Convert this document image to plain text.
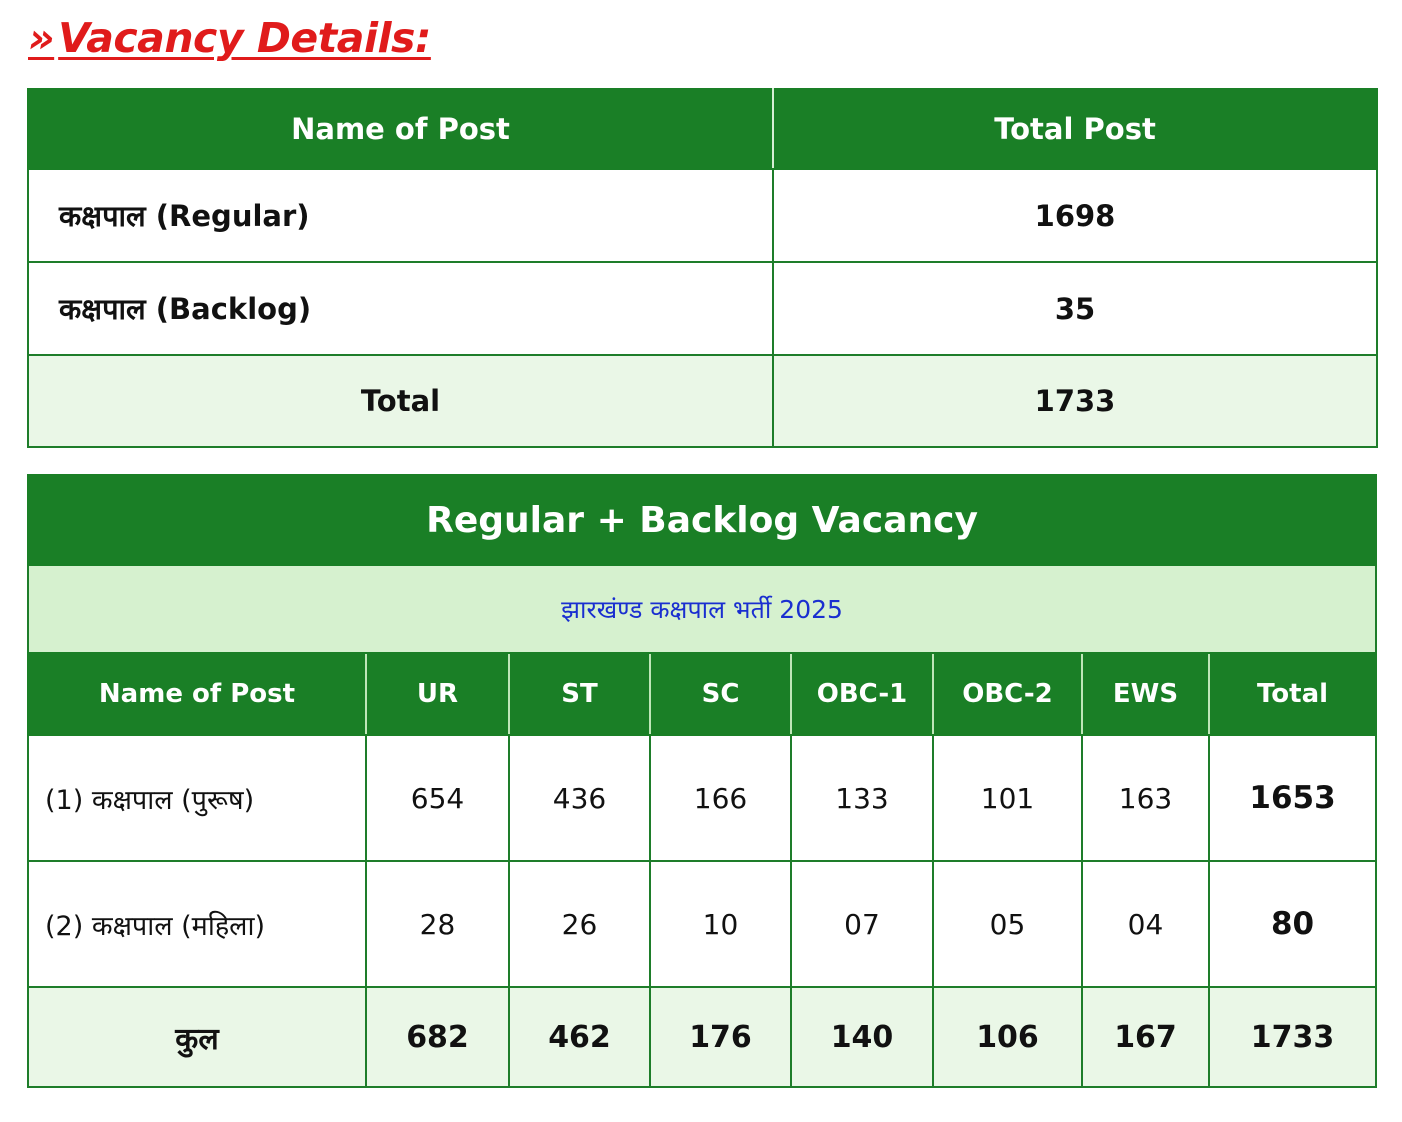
»Vacancy Details:
Name of Post	Total Post
कक्षपाल (Regular)	1698
कक्षपाल (Backlog)	35
Total	1733
Regular + Backlog Vacancy							
झारखंण्ड कक्षपाल भर्ती 2025							
Name of Post	UR	ST	SC	OBC-1	OBC-2	EWS	Total
(1) कक्षपाल (पुरूष)	654	436	166	133	101	163	1653
(2) कक्षपाल (महिला)	28	26	10	07	05	04	80
कुल	682	462	176	140	106	167	1733
